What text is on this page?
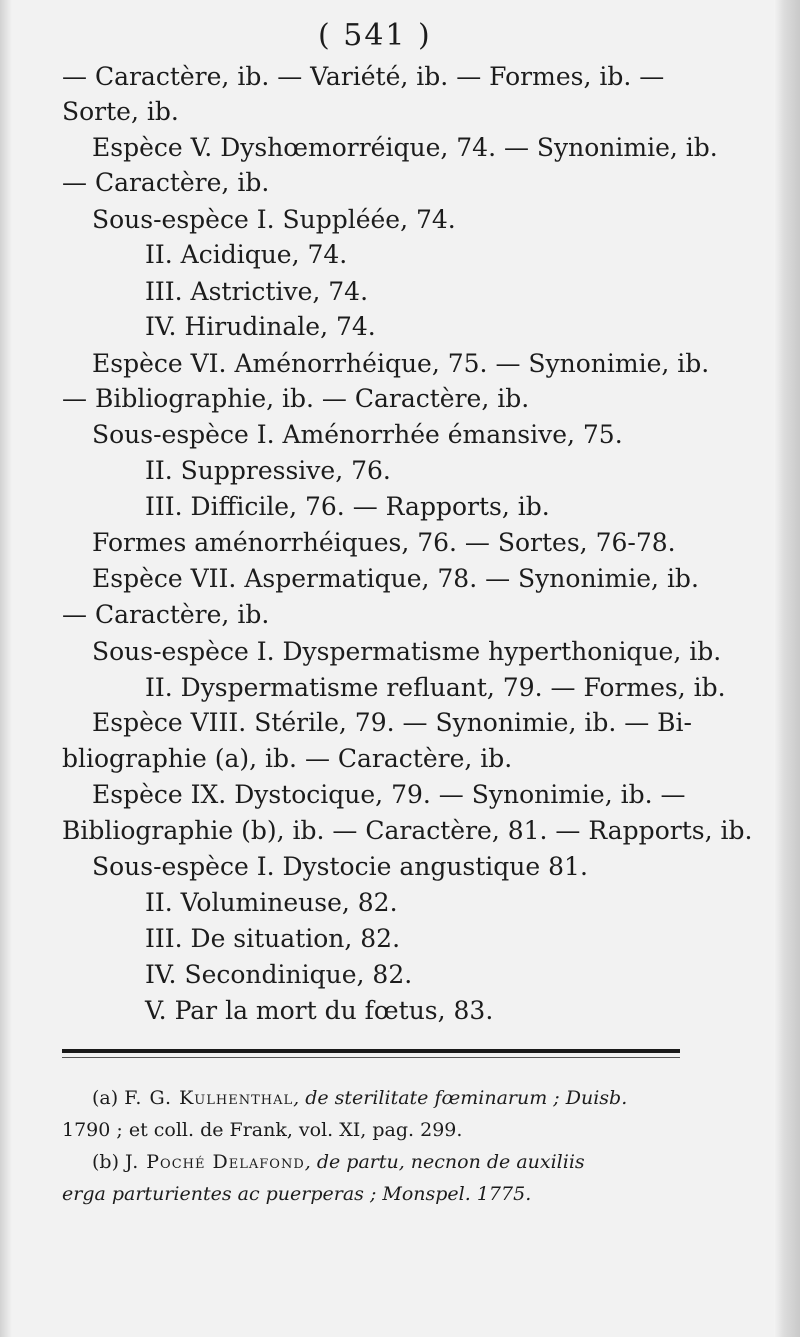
( 541 )
— Caractère, ib. — Variété, ib. — Formes, ib. —
Sorte, ib.
Espèce V. Dyshœmorréique, 74. — Synonimie, ib.
— Caractère, ib.
Sous-espèce I. Suppléée, 74.
II. Acidique, 74.
III. Astrictive, 74.
IV. Hirudinale, 74.
Espèce VI. Aménorrhéique, 75. — Synonimie, ib.
— Bibliographie, ib. — Caractère, ib.
Sous-espèce I. Aménorrhée émansive, 75.
II. Suppressive, 76.
III. Difficile, 76. — Rapports, ib.
Formes aménorrhéiques, 76. — Sortes, 76-78.
Espèce VII. Aspermatique, 78. — Synonimie, ib.
— Caractère, ib.
Sous-espèce I. Dyspermatisme hyperthonique, ib.
II. Dyspermatisme refluant, 79. — Formes, ib.
Espèce VIII. Stérile, 79. — Synonimie, ib. — Bi-
bliographie (a), ib. — Caractère, ib.
Espèce IX. Dystocique, 79. — Synonimie, ib. —
Bibliographie (b), ib. — Caractère, 81. — Rapports, ib.
Sous-espèce I. Dystocie angustique 81.
II. Volumineuse, 82.
III. De situation, 82.
IV. Secondinique, 82.
V. Par la mort du fœtus, 83.
(a) F. G. Kulhenthal, de sterilitate fœminarum ; Duisb.
1790 ; et coll. de Frank, vol. XI, pag. 299.
(b) J. Poché Delafond, de partu, necnon de auxiliis
erga parturientes ac puerperas ; Monspel. 1775.
